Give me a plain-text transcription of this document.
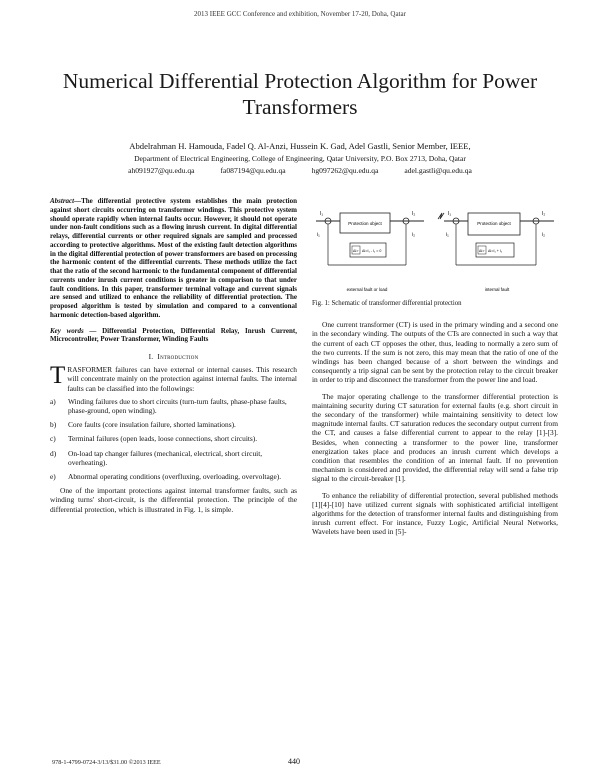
2013 IEEE GCC Conference and exhibition, November 17-20, Doha, Qatar
Numerical Differential Protection Algorithm for Power Transformers
Abdelrahman H. Hamouda, Fadel Q. Al-Anzi, Hussein K. Gad, Adel Gastli, Senior Member, IEEE,
Department of Electrical Engineering, College of Engineering, Qatar University, P.O. Box 2713, Doha, Qatar
ah091927@qu.edu.qa	fa087194@qu.edu.qa	hg097262@qu.edu.qa	adel.gastli@qu.edu.qa
Abstract—The differential protective system establishes the main protection against short circuits occurring on transformer windings. This protective system should operate rapidly when internal faults occur. However, it should not operate under non-fault conditions such as a flowing inrush current. In digital differential relays, differential currents or other required signals are sampled and processed according to protective algorithms. Most of the existing fault detection algorithms in the digital differential protection of power transformers are based on processing the harmonic content of the differential currents. These methods utilize the fact that the ratio of the second harmonic to the fundamental component of differential currents under inrush current conditions is greater in comparison to that under fault conditions. In this paper, transformer terminal voltage and current signals are sensed and utilized to enhance the reliability of differential protection. The proposed algorithm is tested by simulation and compared to a conventional harmonic detection-based algorithm.
Key words — Differential Protection, Differential Relay, Inrush Current, Microcontroller, Power Transformer, Winding Faults
I. Introduction

TRASFORMER failures can have external or internal causes. This research will concentrate mainly on the protection against internal faults. The internal faults can be classified into the followings:

a) Winding failures due to short circuits (turn-turn faults, phase-phase faults, phase-ground, open winding).
b) Core faults (core insulation failure, shorted laminations).
c) Terminal failures (open leads, loose connections, short circuits).
d) On-load tap changer failures (mechanical, electrical, short circuit, overheating).
e) Abnormal operating conditions (overfluxing, overloading, overvoltage).

One of the important protections against internal transformer faults, such as winding turns' short-circuit, is the differential protection. The principle of the differential protection, which is illustrated in Fig. 1, is simple.

Protection object
I₁	I₂
i₁	i₂
ΔI> ΔI=I₁ - I₂ = 0
external fault or load
Protection object
I₁	I₂
i₁	i₂
ΔI> ΔI=I₁ + I₂
internal fault
Fig. 1: Schematic of transformer differential protection

One current transformer (CT) is used in the primary winding and a second one in the secondary winding. The outputs of the CTs are connected in such a way that the current of each CT opposes the other, thus, leading to normally a zero sum of the two currents. If the sum is not zero, this may mean that the ratio of one of the windings has been changed because of a short between the windings and consequently a trip signal can be sent by the protection relay to the circuit breaker in order to trip and disconnect the transformer from the power line and load.

The major operating challenge to the transformer differential protection is maintaining security during CT saturation for external faults (e.g. short circuit in the secondary of the transformer) while maintaining sensitivity to detect low magnitude internal faults. CT saturation reduces the secondary output current from the CT, and causes a false differential current to appear to the relay [1]-[3]. Besides, when connecting a transformer to the power line, transformer energization takes place and produces an inrush current which develops a condition that resembles the condition of an internal fault. If no prevention mechanism is considered and provided, the differential relay will send a false trip signal to the circuit-breaker [1].

To enhance the reliability of differential protection, several published methods [1][4]-[10] have utilized current signals with sophisticated artificial intelligent algorithms for the detection of transformer internal faults and distinguishing from inrush current effect. For instance, Fuzzy Logic, Artificial Neural Networks, Wavelets have been used in [5]-

978-1-4799-0724-3/13/$31.00 ©2013 IEEE	440
